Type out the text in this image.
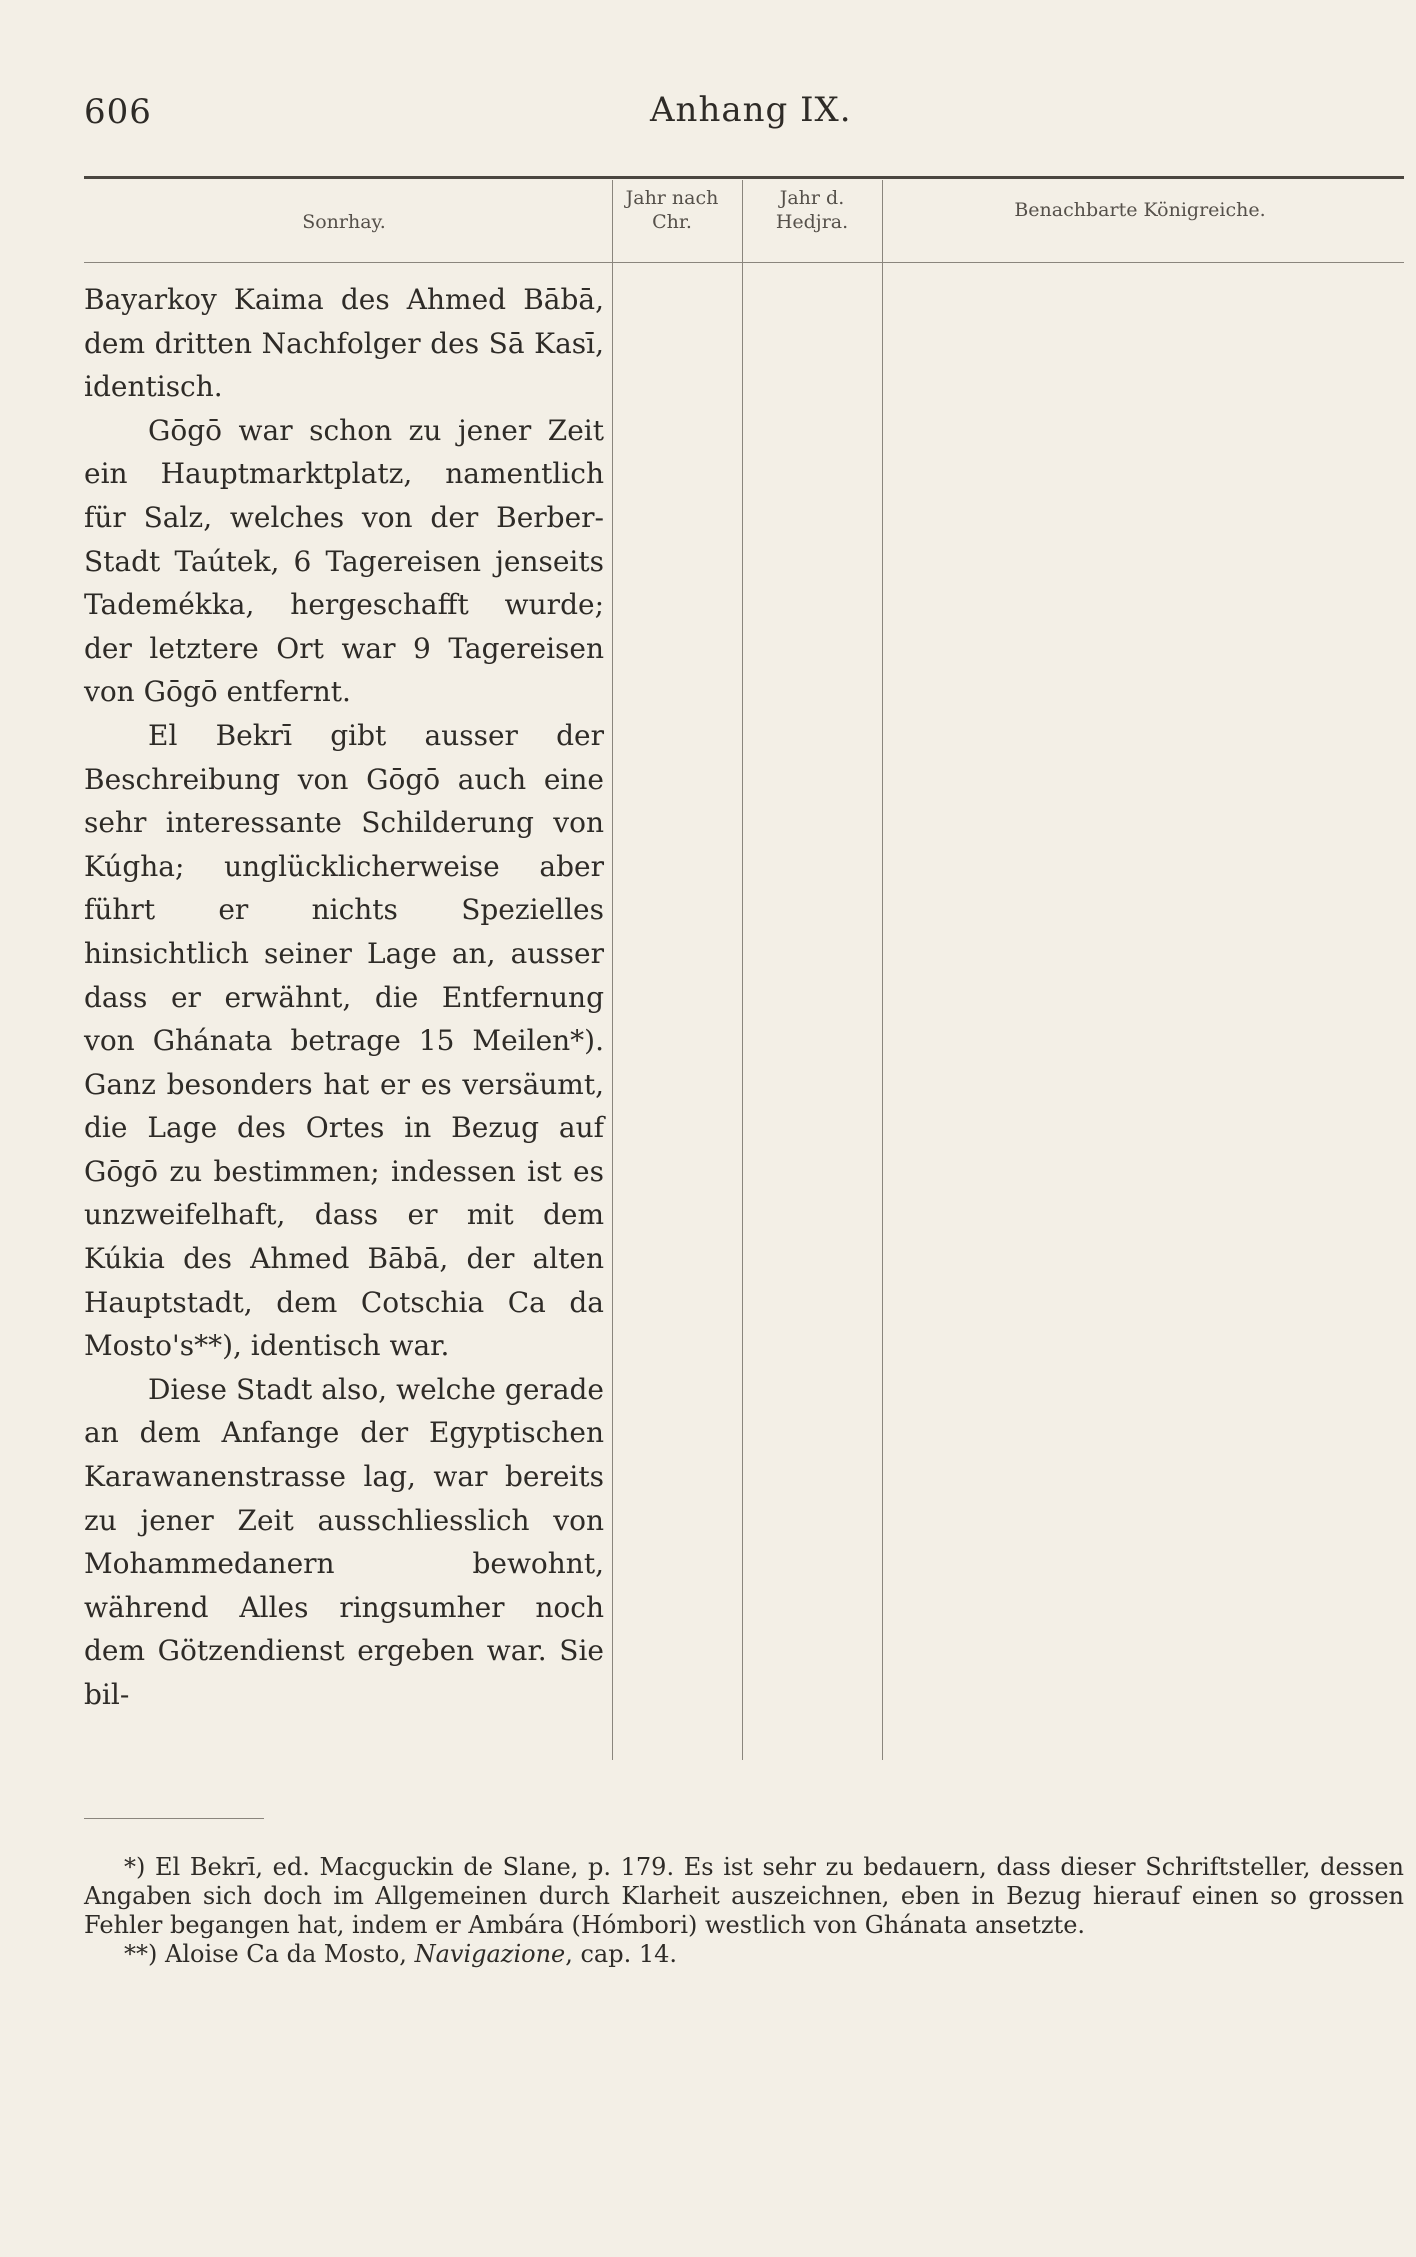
606	Anhang IX.
Sonrhay.
Jahr nach Chr.
Jahr d. Hedjra.
Benachbarte Königreiche.

Bayarkoy Kaima des Ahmed Bābā, dem dritten Nachfolger des Sā Kasī, identisch.

Gōgō war schon zu jener Zeit ein Hauptmarktplatz, namentlich für Salz, welches von der Berber-Stadt Taútek, 6 Tagereisen jenseits Tademékka, hergeschafft wurde; der letztere Ort war 9 Tagereisen von Gōgō entfernt.

El Bekrī gibt ausser der Beschreibung von Gōgō auch eine sehr interessante Schilderung von Kúgha; unglücklicherweise aber führt er nichts Spezielles hinsichtlich seiner Lage an, ausser dass er erwähnt, die Entfernung von Ghánata betrage 15 Meilen*). Ganz besonders hat er es versäumt, die Lage des Ortes in Bezug auf Gōgō zu bestimmen; indessen ist es unzweifelhaft, dass er mit dem Kúkia des Ahmed Bābā, der alten Hauptstadt, dem Cotschia Ca da Mosto's**), identisch war.

Diese Stadt also, welche gerade an dem Anfange der Egyptischen Karawanenstrasse lag, war bereits zu jener Zeit ausschliesslich von Mohammedanern bewohnt, während Alles ringsumher noch dem Götzendienst ergeben war. Sie bil-

*) El Bekrī, ed. Macguckin de Slane, p. 179. Es ist sehr zu bedauern, dass dieser Schriftsteller, dessen Angaben sich doch im Allgemeinen durch Klarheit auszeichnen, eben in Bezug hierauf einen so grossen Fehler begangen hat, indem er Ambára (Hómbori) westlich von Ghánata ansetzte.

**) Aloise Ca da Mosto, Navigazione, cap. 14.
